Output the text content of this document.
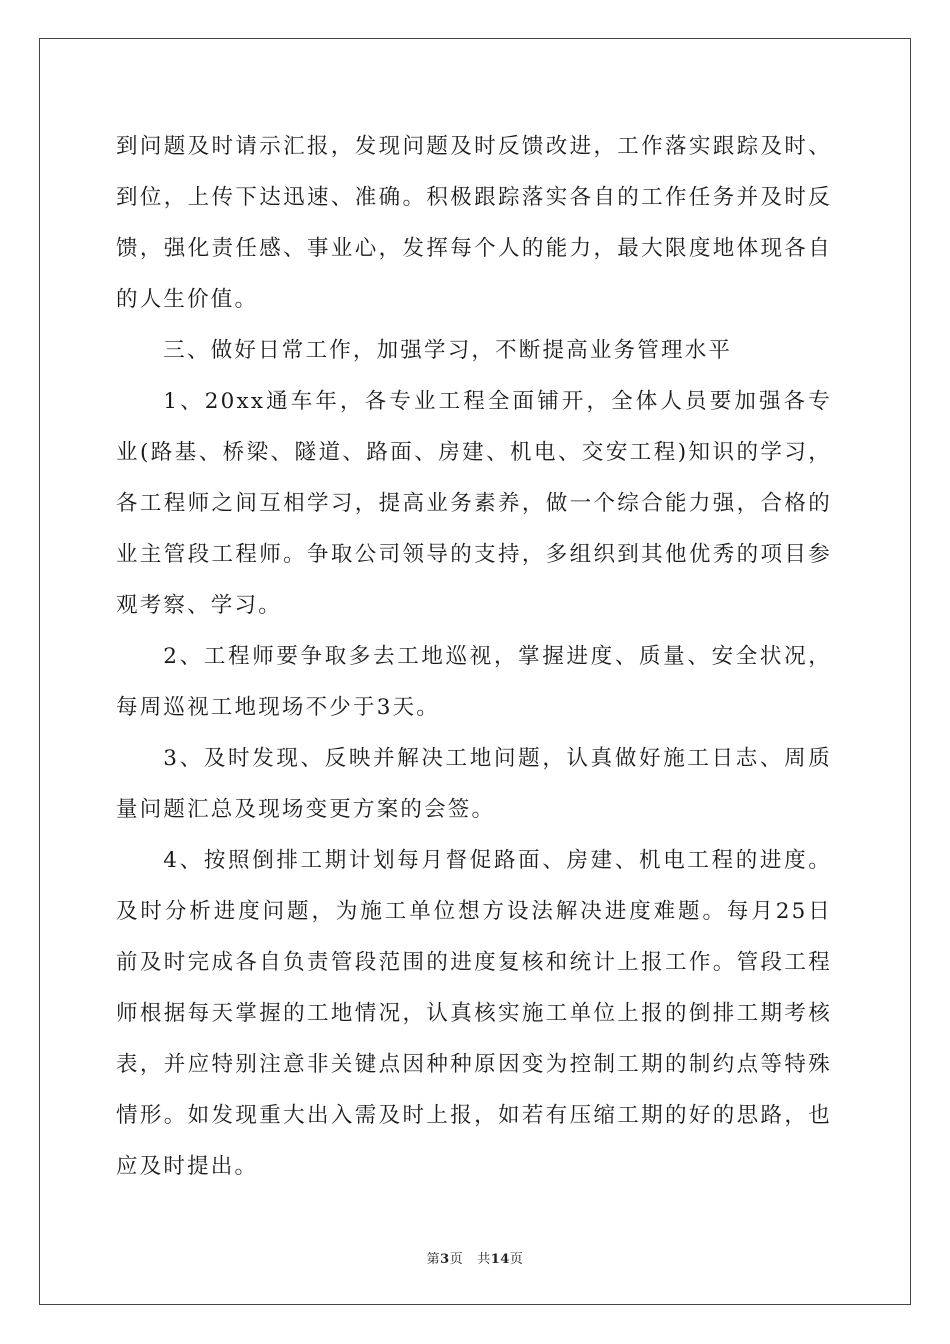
到问题及时请示汇报，发现问题及时反馈改进，工作落实跟踪及时、到位，上传下达迅速、准确。积极跟踪落实各自的工作任务并及时反馈，强化责任感、事业心，发挥每个人的能力，最大限度地体现各自的人生价值。

三、做好日常工作，加强学习，不断提高业务管理水平

1、20xx通车年，各专业工程全面铺开，全体人员要加强各专业(路基、桥梁、隧道、路面、房建、机电、交安工程)知识的学习，各工程师之间互相学习，提高业务素养，做一个综合能力强，合格的业主管段工程师。争取公司领导的支持，多组织到其他优秀的项目参观考察、学习。

2、工程师要争取多去工地巡视，掌握进度、质量、安全状况，每周巡视工地现场不少于3天。

3、及时发现、反映并解决工地问题，认真做好施工日志、周质量问题汇总及现场变更方案的会签。

4、按照倒排工期计划每月督促路面、房建、机电工程的进度。及时分析进度问题，为施工单位想方设法解决进度难题。每月25日前及时完成各自负责管段范围的进度复核和统计上报工作。管段工程师根据每天掌握的工地情况，认真核实施工单位上报的倒排工期考核表，并应特别注意非关键点因种种原因变为控制工期的制约点等特殊情形。如发现重大出入需及时上报，如若有压缩工期的好的思路，也应及时提出。

第3页 共14页
